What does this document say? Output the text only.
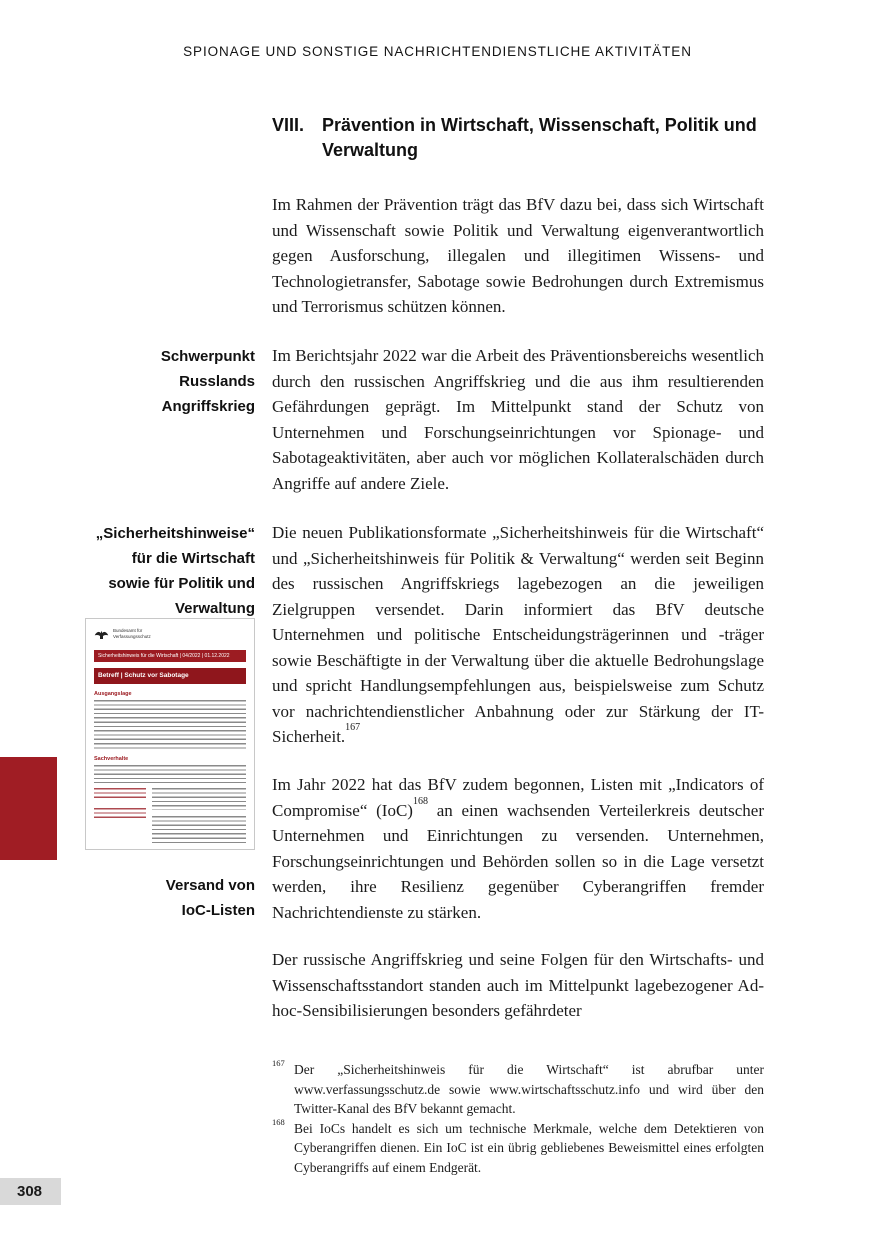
SPIONAGE UND SONSTIGE NACHRICHTENDIENSTLICHE AKTIVITÄTEN
VIII. Prävention in Wirtschaft, Wissenschaft, Politik und Verwaltung

Im Rahmen der Prävention trägt das BfV dazu bei, dass sich Wirtschaft und Wissenschaft sowie Politik und Verwaltung eigenverantwortlich gegen Ausforschung, illegalen und illegitimen Wissens- und Technologietransfer, Sabotage sowie Bedrohungen durch Extremismus und Terrorismus schützen können.

Im Berichtsjahr 2022 war die Arbeit des Präventionsbereichs wesentlich durch den russischen Angriffskrieg und die aus ihm resultierenden Gefährdungen geprägt. Im Mittelpunkt stand der Schutz von Unternehmen und Forschungseinrichtungen vor Spionage- und Sabotageaktivitäten, aber auch vor möglichen Kollateralschäden durch Angriffe auf andere Ziele.

Die neuen Publikationsformate „Sicherheitshinweis für die Wirtschaft“ und „Sicherheitshinweis für Politik & Verwaltung“ werden seit Beginn des russischen Angriffskriegs lagebezogen an die jeweiligen Zielgruppen versendet. Darin informiert das BfV deutsche Unternehmen und politische Entscheidungsträgerinnen und -träger sowie Beschäftigte in der Verwaltung über die aktuelle Bedrohungslage und spricht Handlungsempfehlungen aus, beispielsweise zum Schutz vor nachrichtendienstlicher Anbahnung oder zur Stärkung der IT-Sicherheit.$^{167}$

Im Jahr 2022 hat das BfV zudem begonnen, Listen mit „Indicators of Compromise“ (IoC)$^{168}$ an einen wachsenden Verteilerkreis deutscher Unternehmen und Einrichtungen zu versenden. Unternehmen, Forschungseinrichtungen und Behörden sollen so in die Lage versetzt werden, ihre Resilienz gegenüber Cyberangriffen fremder Nachrichtendienste zu stärken.

Der russische Angriffskrieg und seine Folgen für den Wirtschafts- und Wissenschaftsstandort standen auch im Mittelpunkt lagebezogener Ad-hoc-Sensibilisierungen besonders gefährdeter

Schwerpunkt
Russlands
Angriffskrieg
„Sicherheitshinweise“
für die Wirtschaft
sowie für Politik und
Verwaltung
Versand von
IoC-Listen
Bundesamt für
Verfassungsschutz
Sicherheitshinweis für die Wirtschaft | 04/2022 | 01.12.2022
Betreff | Schutz vor Sabotage
Ausgangslage
Sachverhalte
$^{167}$ Der „Sicherheitshinweis für die Wirtschaft“ ist abrufbar unter www.verfassungsschutz.de sowie www.wirtschaftsschutz.info und wird über den Twitter-Kanal des BfV bekannt gemacht.
$^{168}$ Bei IoCs handelt es sich um technische Merkmale, welche dem Detektieren von Cyberangriffen dienen. Ein IoC ist ein übrig gebliebenes Beweismittel eines erfolgten Cyberangriffs auf einem Endgerät.
308
